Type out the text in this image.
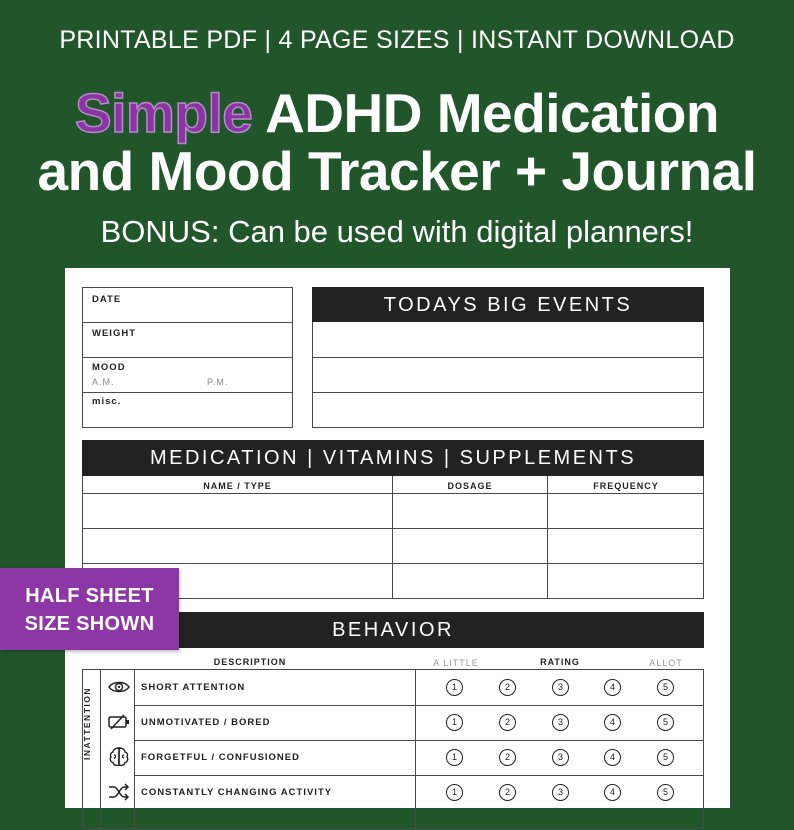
PRINTABLE PDF | 4 PAGE SIZES | INSTANT DOWNLOAD
Simple ADHD Medication
and Mood Tracker + Journal
BONUS: Can be used with digital planners!
DATE
WEIGHT
MOOD
A.M.	P.M.
misc.
TODAYS BIG EVENTS
MEDICATION | VITAMINS | SUPPLEMENTS
NAME / TYPE	DOSAGE	FREQUENCY
BEHAVIOR
DESCRIPTION	A LITTLE	RATING	ALLOT
INATTENTION	SHORT ATTENTION	1	2	3	4	5
UNMOTIVATED / BORED	1	2	3	4	5
FORGETFUL / CONFUSIONED	1	2	3	4	5
CONSTANTLY CHANGING ACTIVITY	1	2	3	4	5
HALF SHEET
SIZE SHOWN
